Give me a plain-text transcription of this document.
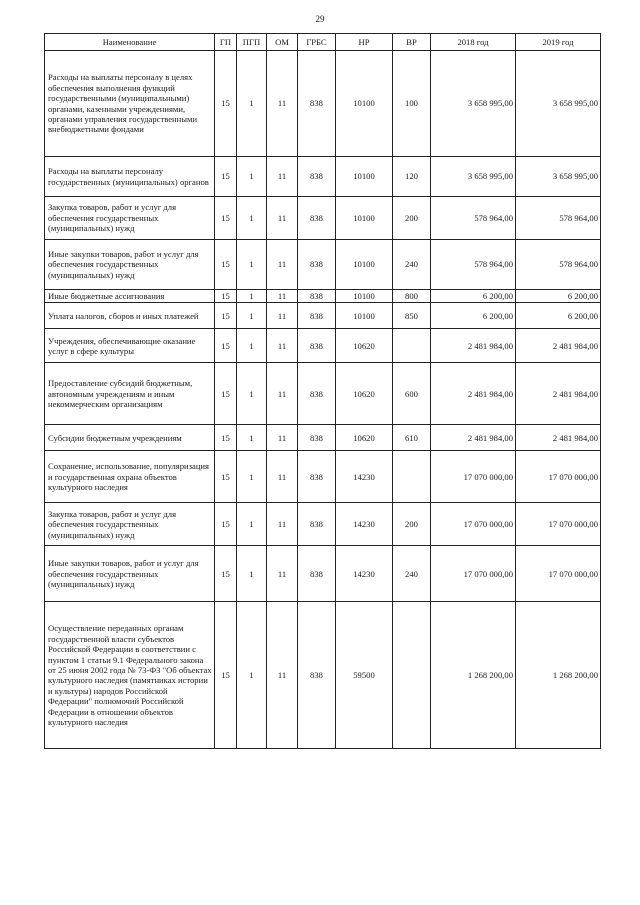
29
Наименование	ГП	ПГП	ОМ	ГРБС	НР	ВР	2018 год	2019 год
Расходы на выплаты персоналу в целях обеспечения выполнения функций государственными (муниципальными) органами, казенными учреждениями, органами управления государственными внебюджетными фондами	15	1	11	838	10100	100	3 658 995,00	3 658 995,00
Расходы на выплаты персоналу государственных (муниципальных) органов	15	1	11	838	10100	120	3 658 995,00	3 658 995,00
Закупка товаров, работ и услуг для обеспечения государственных (муниципальных) нужд	15	1	11	838	10100	200	578 964,00	578 964,00
Иные закупки товаров, работ и услуг для обеспечения государственных (муниципальных) нужд	15	1	11	838	10100	240	578 964,00	578 964,00
Иные бюджетные ассигнования	15	1	11	838	10100	800	6 200,00	6 200,00
Уплата налогов, сборов и иных платежей	15	1	11	838	10100	850	6 200,00	6 200,00
Учреждения, обеспечивающие оказание услуг в сфере культуры	15	1	11	838	10620		2 481 984,00	2 481 984,00
Предоставление субсидий бюджетным, автономным учреждениям и иным некоммерческим организациям	15	1	11	838	10620	600	2 481 984,00	2 481 984,00
Субсидии бюджетным учреждениям	15	1	11	838	10620	610	2 481 984,00	2 481 984,00
Сохранение, использование, популяризация и государственная охрана объектов культурного наследия	15	1	11	838	14230		17 070 000,00	17 070 000,00
Закупка товаров, работ и услуг для обеспечения государственных (муниципальных) нужд	15	1	11	838	14230	200	17 070 000,00	17 070 000,00
Иные закупки товаров, работ и услуг для обеспечения государственных (муниципальных) нужд	15	1	11	838	14230	240	17 070 000,00	17 070 000,00
Осуществление переданных органам государственной власти субъектов Российской Федерации в соответствии с пунктом 1 статьи 9.1 Федерального закона от 25 июня 2002 года № 73-ФЗ "Об объектах культурного наследия (памятниках истории и культуры) народов Российской Федерации" полномочий Российской Федерации в отношении объектов культурного наследия	15	1	11	838	59500		1 268 200,00	1 268 200,00
